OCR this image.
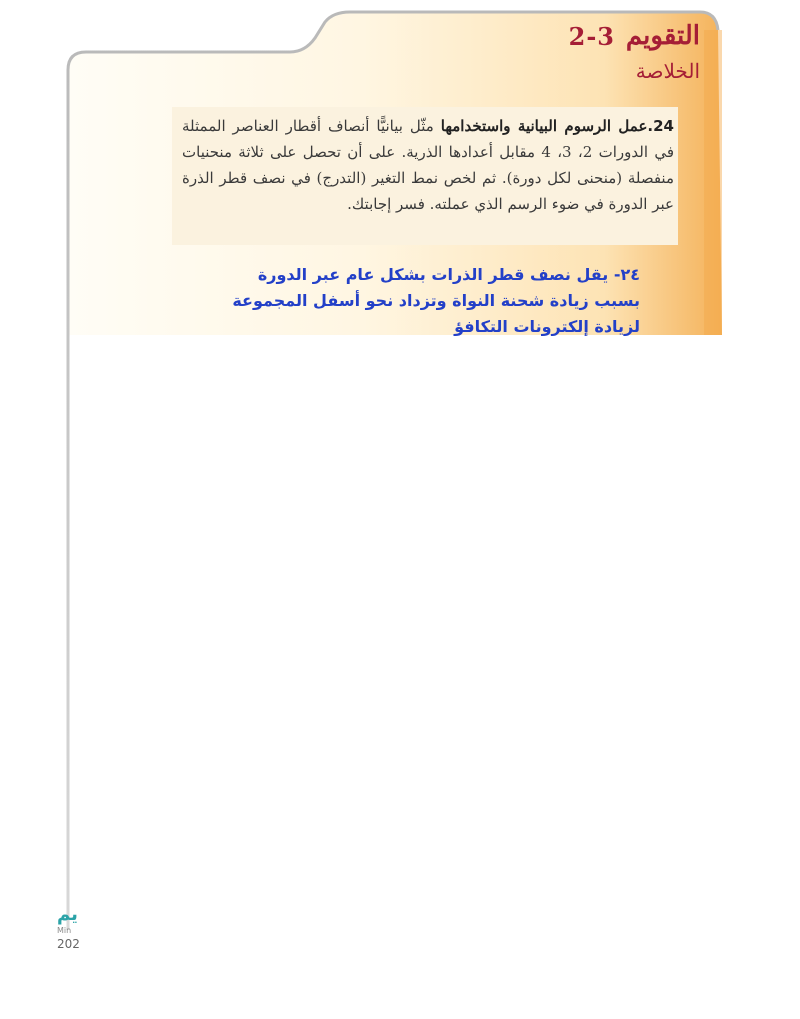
التقويم
2-3
الخلاصة

24.عمل الرسوم البيانية واستخدامها مثّل بيانيًّا أنصاف أقطار العناصر الممثلة في الدورات 2، 3، 4 مقابل أعدادها الذرية. على أن تحصل على ثلاثة منحنيات منفصلة (منحنى لكل دورة). ثم لخص نمط التغير (التدرج) في نصف قطر الذرة عبر الدورة في ضوء الرسم الذي عملته. فسر إجابتك.

٢٤- يقل نصف قطر الذرات بشكل عام عبر الدورة بسبب زيادة شحنة النواة وتزداد نحو أسفل المجموعة لزيادة إلكترونات التكافؤ

يم
Min
202
